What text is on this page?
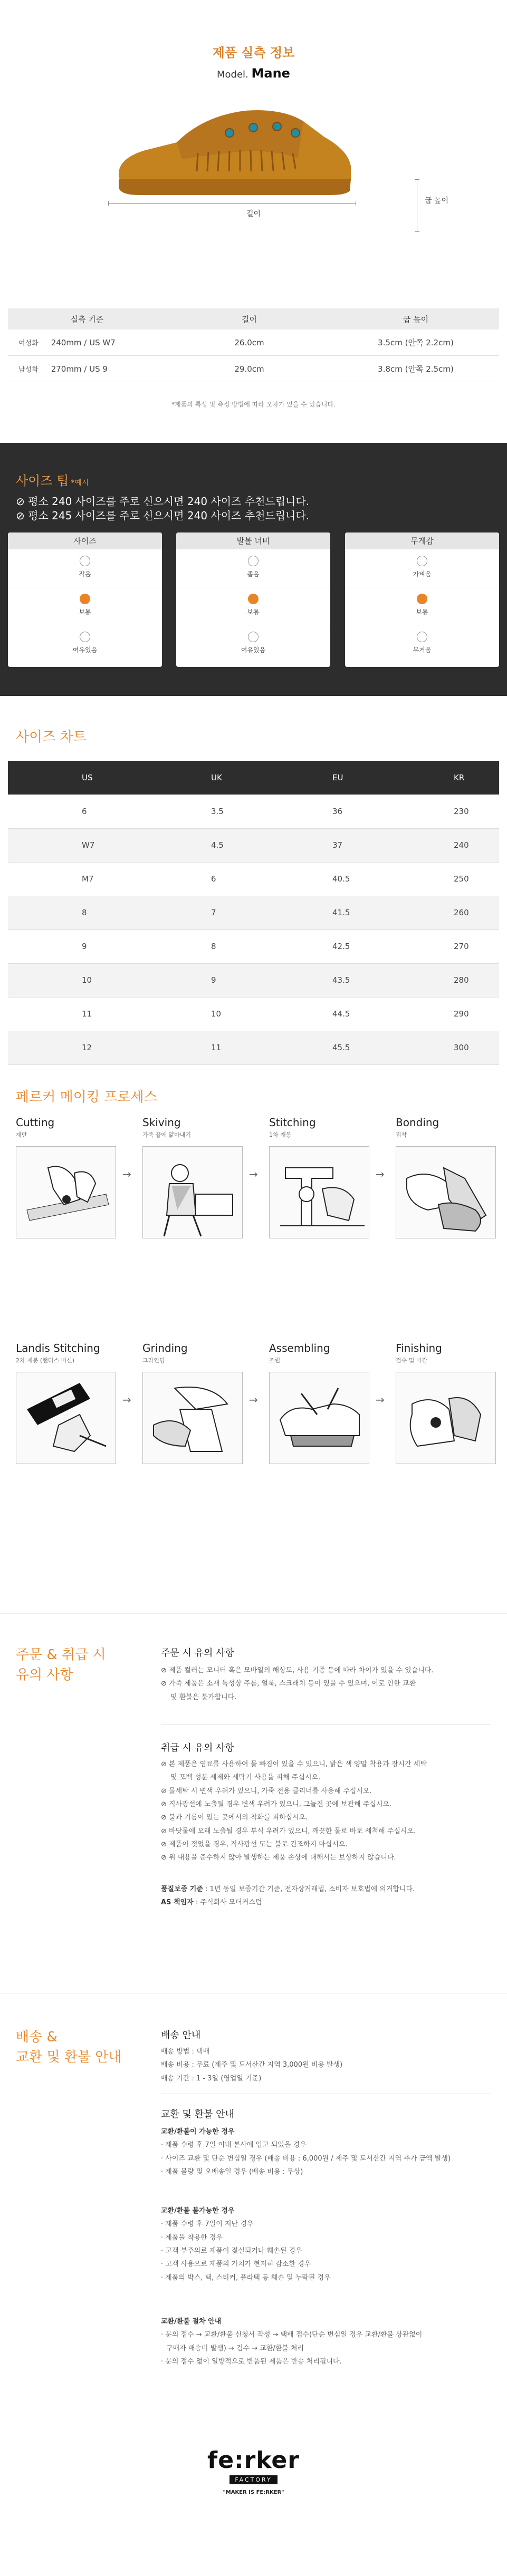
제품 실측 정보
Model. Mane
굽 높이
길이
실측 기준	길이	굽 높이
여성화 240mm / US W7	26.0cm	3.5cm (안쪽 2.2cm)
남성화 270mm / US 9	29.0cm	3.8cm (안쪽 2.5cm)
*제품의 특성 및 측정 방법에 따라 오차가 있을 수 있습니다.
사이즈 팁 *예시
⊘ 평소 240 사이즈를 주로 신으시면 240 사이즈 추천드립니다.
⊘ 평소 245 사이즈를 주로 신으시면 240 사이즈 추천드립니다.
사이즈
작음
보통
여유있음
발볼 너비
좁음
보통
여유있음
무게감
가벼움
보통
무거움
사이즈 차트
US	UK	EU	KR
6	3.5	36	230
W7	4.5	37	240
M7	6	40.5	250
8	7	41.5	260
9	8	42.5	270
10	9	43.5	280
11	10	44.5	290
12	11	45.5	300
페르커 메이킹 프로세스
Cutting
재단
→
Skiving
가죽 끝에 얇아내기
→
Stitching
1차 재봉
→
Bonding
접착
Landis Stitching
2차 재봉 (랜디스 머신)
→
Grinding
그라인딩
→
Assembling
조립
→
Finishing
검수 및 마감
주문 & 취급 시
유의 사항
주문 시 유의 사항
⊘ 제품 컬러는 모니터 혹은 모바일의 해상도, 사용 기종 등에 따라 차이가 있을 수 있습니다.
⊘ 가죽 제품은 소재 특성상 주름, 얼룩, 스크래치 등이 있을 수 있으며, 이로 인한 교환
및 환불은 불가합니다.
취급 시 유의 사항
⊘ 본 제품은 염료를 사용하여 물 빠짐이 있을 수 있으니, 밝은 색 양말 착용과 장시간 세탁
및 포백 성분 세제와 세탁기 사용을 피해 주십시오.
⊘ 물세탁 시 변색 우려가 있으니, 가죽 전용 클리너를 사용해 주십시오.
⊘ 직사광선에 노출될 경우 변색 우려가 있으니, 그늘진 곳에 보관해 주십시오.
⊘ 불과 기름이 있는 곳에서의 착화를 피하십시오.
⊘ 바닷물에 오래 노출될 경우 부식 우려가 있으니, 깨끗한 물로 바로 세척해 주십시오.
⊘ 제품이 젖었을 경우, 직사광선 또는 불로 건조하지 마십시오.
⊘ 위 내용을 준수하지 않아 발생하는 제품 손상에 대해서는 보상하지 않습니다.
품질보증 기준 : 1년 동일 보증기간 기준, 전자상거래법, 소비자 보호법에 의거합니다.
AS 책임자 : 주식회사 모더커스텀
배송 &
교환 및 환불 안내
배송 안내
배송 방법 : 택배
배송 비용 : 무료 (제주 및 도서산간 지역 3,000원 비용 발생)
배송 기간 : 1 - 3일 (영업일 기준)
교환 및 환불 안내
교환/환불이 가능한 경우
· 제품 수령 후 7일 이내 본사에 입고 되었을 경우
· 사이즈 교환 및 단순 변심일 경우 (배송 비용 : 6,000원 / 제주 및 도서산간 지역 추가 금액 발생)
· 제품 불량 및 오배송일 경우 (배송 비용 : 무상)
교환/환불 불가능한 경우
· 제품 수령 후 7일이 지난 경우
· 제품을 착용한 경우
· 고객 부주의로 제품이 젖실되거나 훼손된 경우
· 고객 사용으로 제품의 가치가 현저히 감소한 경우
· 제품의 박스, 택, 스티커, 플라텍 등 훼손 및 누락된 경우
교환/환불 절차 안내
· 문의 접수 → 교환/환불 신청서 작성 → 택배 접수(단순 변심일 경우 교환/환불 상관없이
구매자 배송비 발생) → 검수 → 교환/환불 처리
· 문의 접수 없이 일방적으로 반품된 제품은 반송 처리됩니다.
fe:rker
FACTORY
"MAKER IS FE:RKER"
